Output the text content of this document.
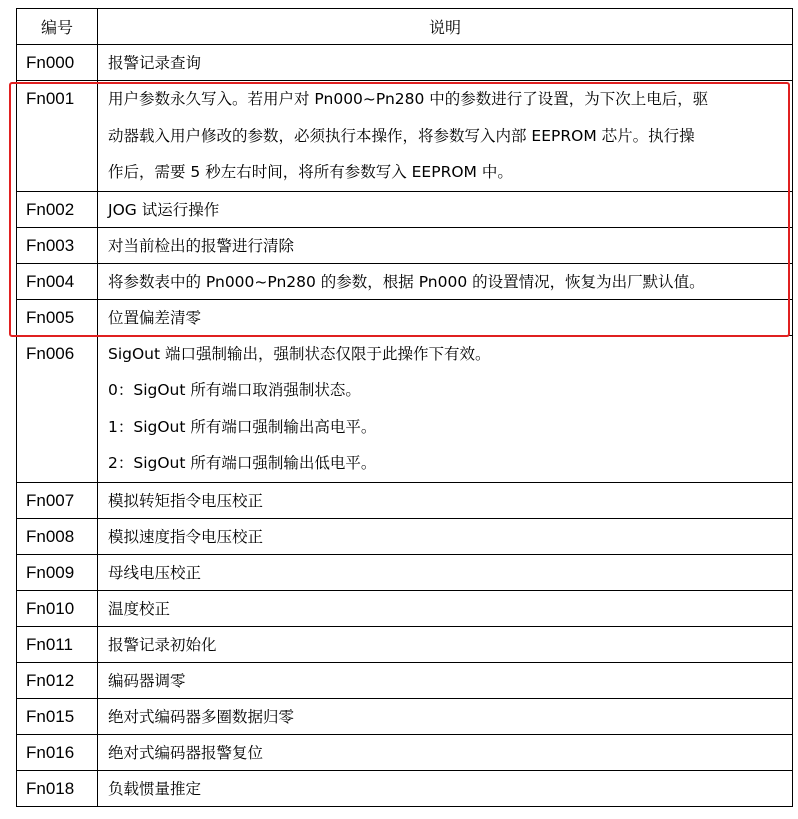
编号	说明
Fn000	报警记录查询
Fn001	用户参数永久写入。若用户对 Pn000~Pn280 中的参数进行了设置，为下次上电后，驱
动器载入用户修改的参数，必须执行本操作，将参数写入内部 EEPROM 芯片。执行操
作后，需要 5 秒左右时间，将所有参数写入 EEPROM 中。

Fn002	JOG 试运行操作
Fn003	对当前检出的报警进行清除
Fn004	将参数表中的 Pn000~Pn280 的参数，根据 Pn000 的设置情况，恢复为出厂默认值。
Fn005	位置偏差清零
Fn006	SigOut 端口强制输出，强制状态仅限于此操作下有效。
0：SigOut 所有端口取消强制状态。
1：SigOut 所有端口强制输出高电平。
2：SigOut 所有端口强制输出低电平。

Fn007	模拟转矩指令电压校正
Fn008	模拟速度指令电压校正
Fn009	母线电压校正
Fn010	温度校正
Fn011	报警记录初始化
Fn012	编码器调零
Fn015	绝对式编码器多圈数据归零
Fn016	绝对式编码器报警复位
Fn018	负载惯量推定
